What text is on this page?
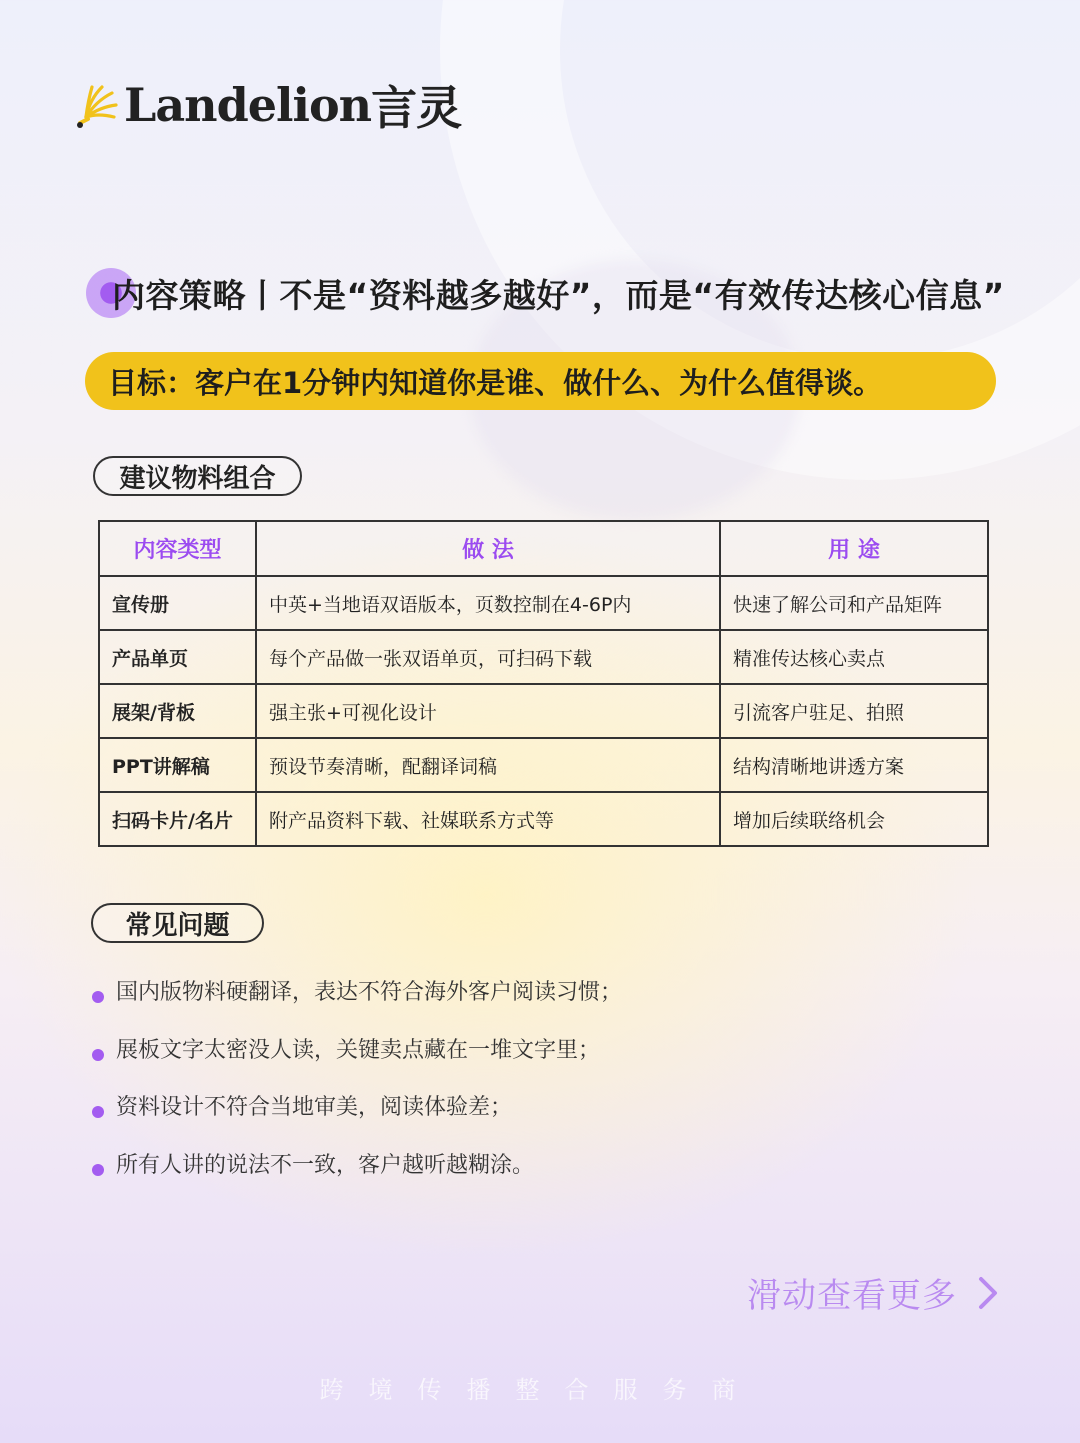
Landelion 言灵
内容策略丨不是“资料越多越好”，而是“有效传达核心信息”
目标：客户在1分钟内知道你是谁、做什么、为什么值得谈。
建议物料组合
内容类型	做 法	用 途
宣传册	中英+当地语双语版本，页数控制在4-6P内	快速了解公司和产品矩阵
产品单页	每个产品做一张双语单页，可扫码下载	精准传达核心卖点
展架/背板	强主张+可视化设计	引流客户驻足、拍照
PPT讲解稿	预设节奏清晰，配翻译词稿	结构清晰地讲透方案
扫码卡片/名片	附产品资料下载、社媒联系方式等	增加后续联络机会
常见问题
国内版物料硬翻译，表达不符合海外客户阅读习惯；
展板文字太密没人读，关键卖点藏在一堆文字里；
资料设计不符合当地审美，阅读体验差；
所有人讲的说法不一致，客户越听越糊涂。
滑动查看更多
跨境传播整合服务商
